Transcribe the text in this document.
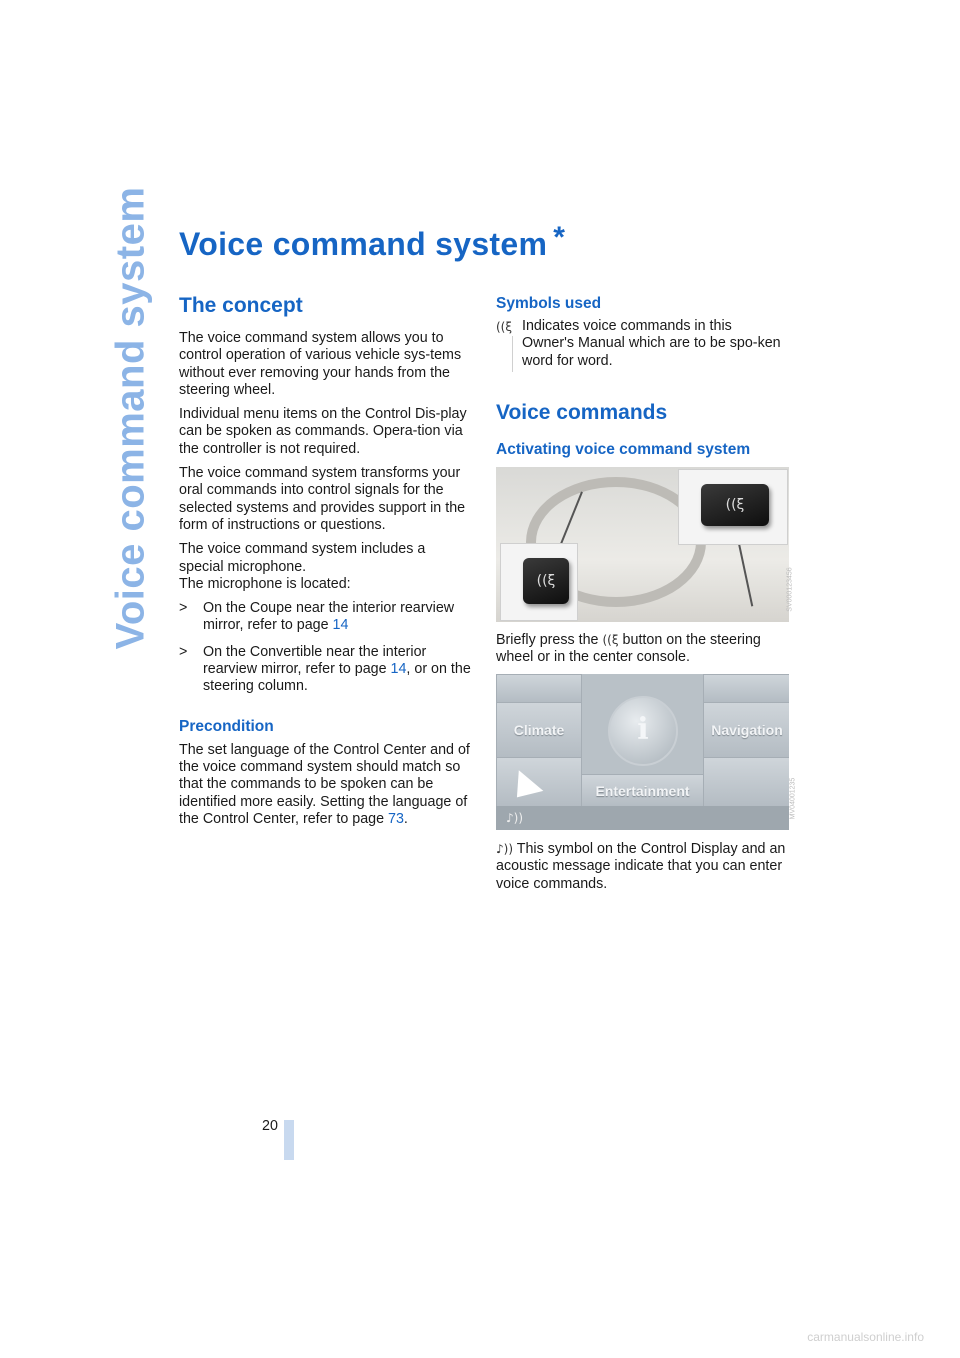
Voice command system Voice command system *
The concept

The voice command system allows you to control operation of various vehicle sys-tems without ever removing your hands from the steering wheel.

Individual menu items on the Control Dis-play can be spoken as commands. Opera-tion via the controller is not required.

The voice command system transforms your oral commands into control signals for the selected systems and provides support in the form of instructions or questions.

The voice command system includes a special microphone.

The microphone is located:

> On the Coupe near the interior rearview mirror, refer to page 14
> On the Convertible near the interior rearview mirror, refer to page 14, or on the steering column.
Precondition

The set language of the Control Center and of the voice command system should match so that the commands to be spoken can be identified more easily. Setting the language of the Control Center, refer to page 73.

Symbols used
((ξ Indicates voice commands in this Owner's Manual which are to be spo-ken word for word.

Voice commands
Activating voice command system
((ξ
((ξ
SV000123456

Briefly press the ((ξ button on the steering wheel or in the center console.

Climate	Navigation
Entertainment
i
♪))	MV04001235

♪)) This symbol on the Control Display and an acoustic message indicate that you can enter voice commands.

20
carmanualsonline.info
